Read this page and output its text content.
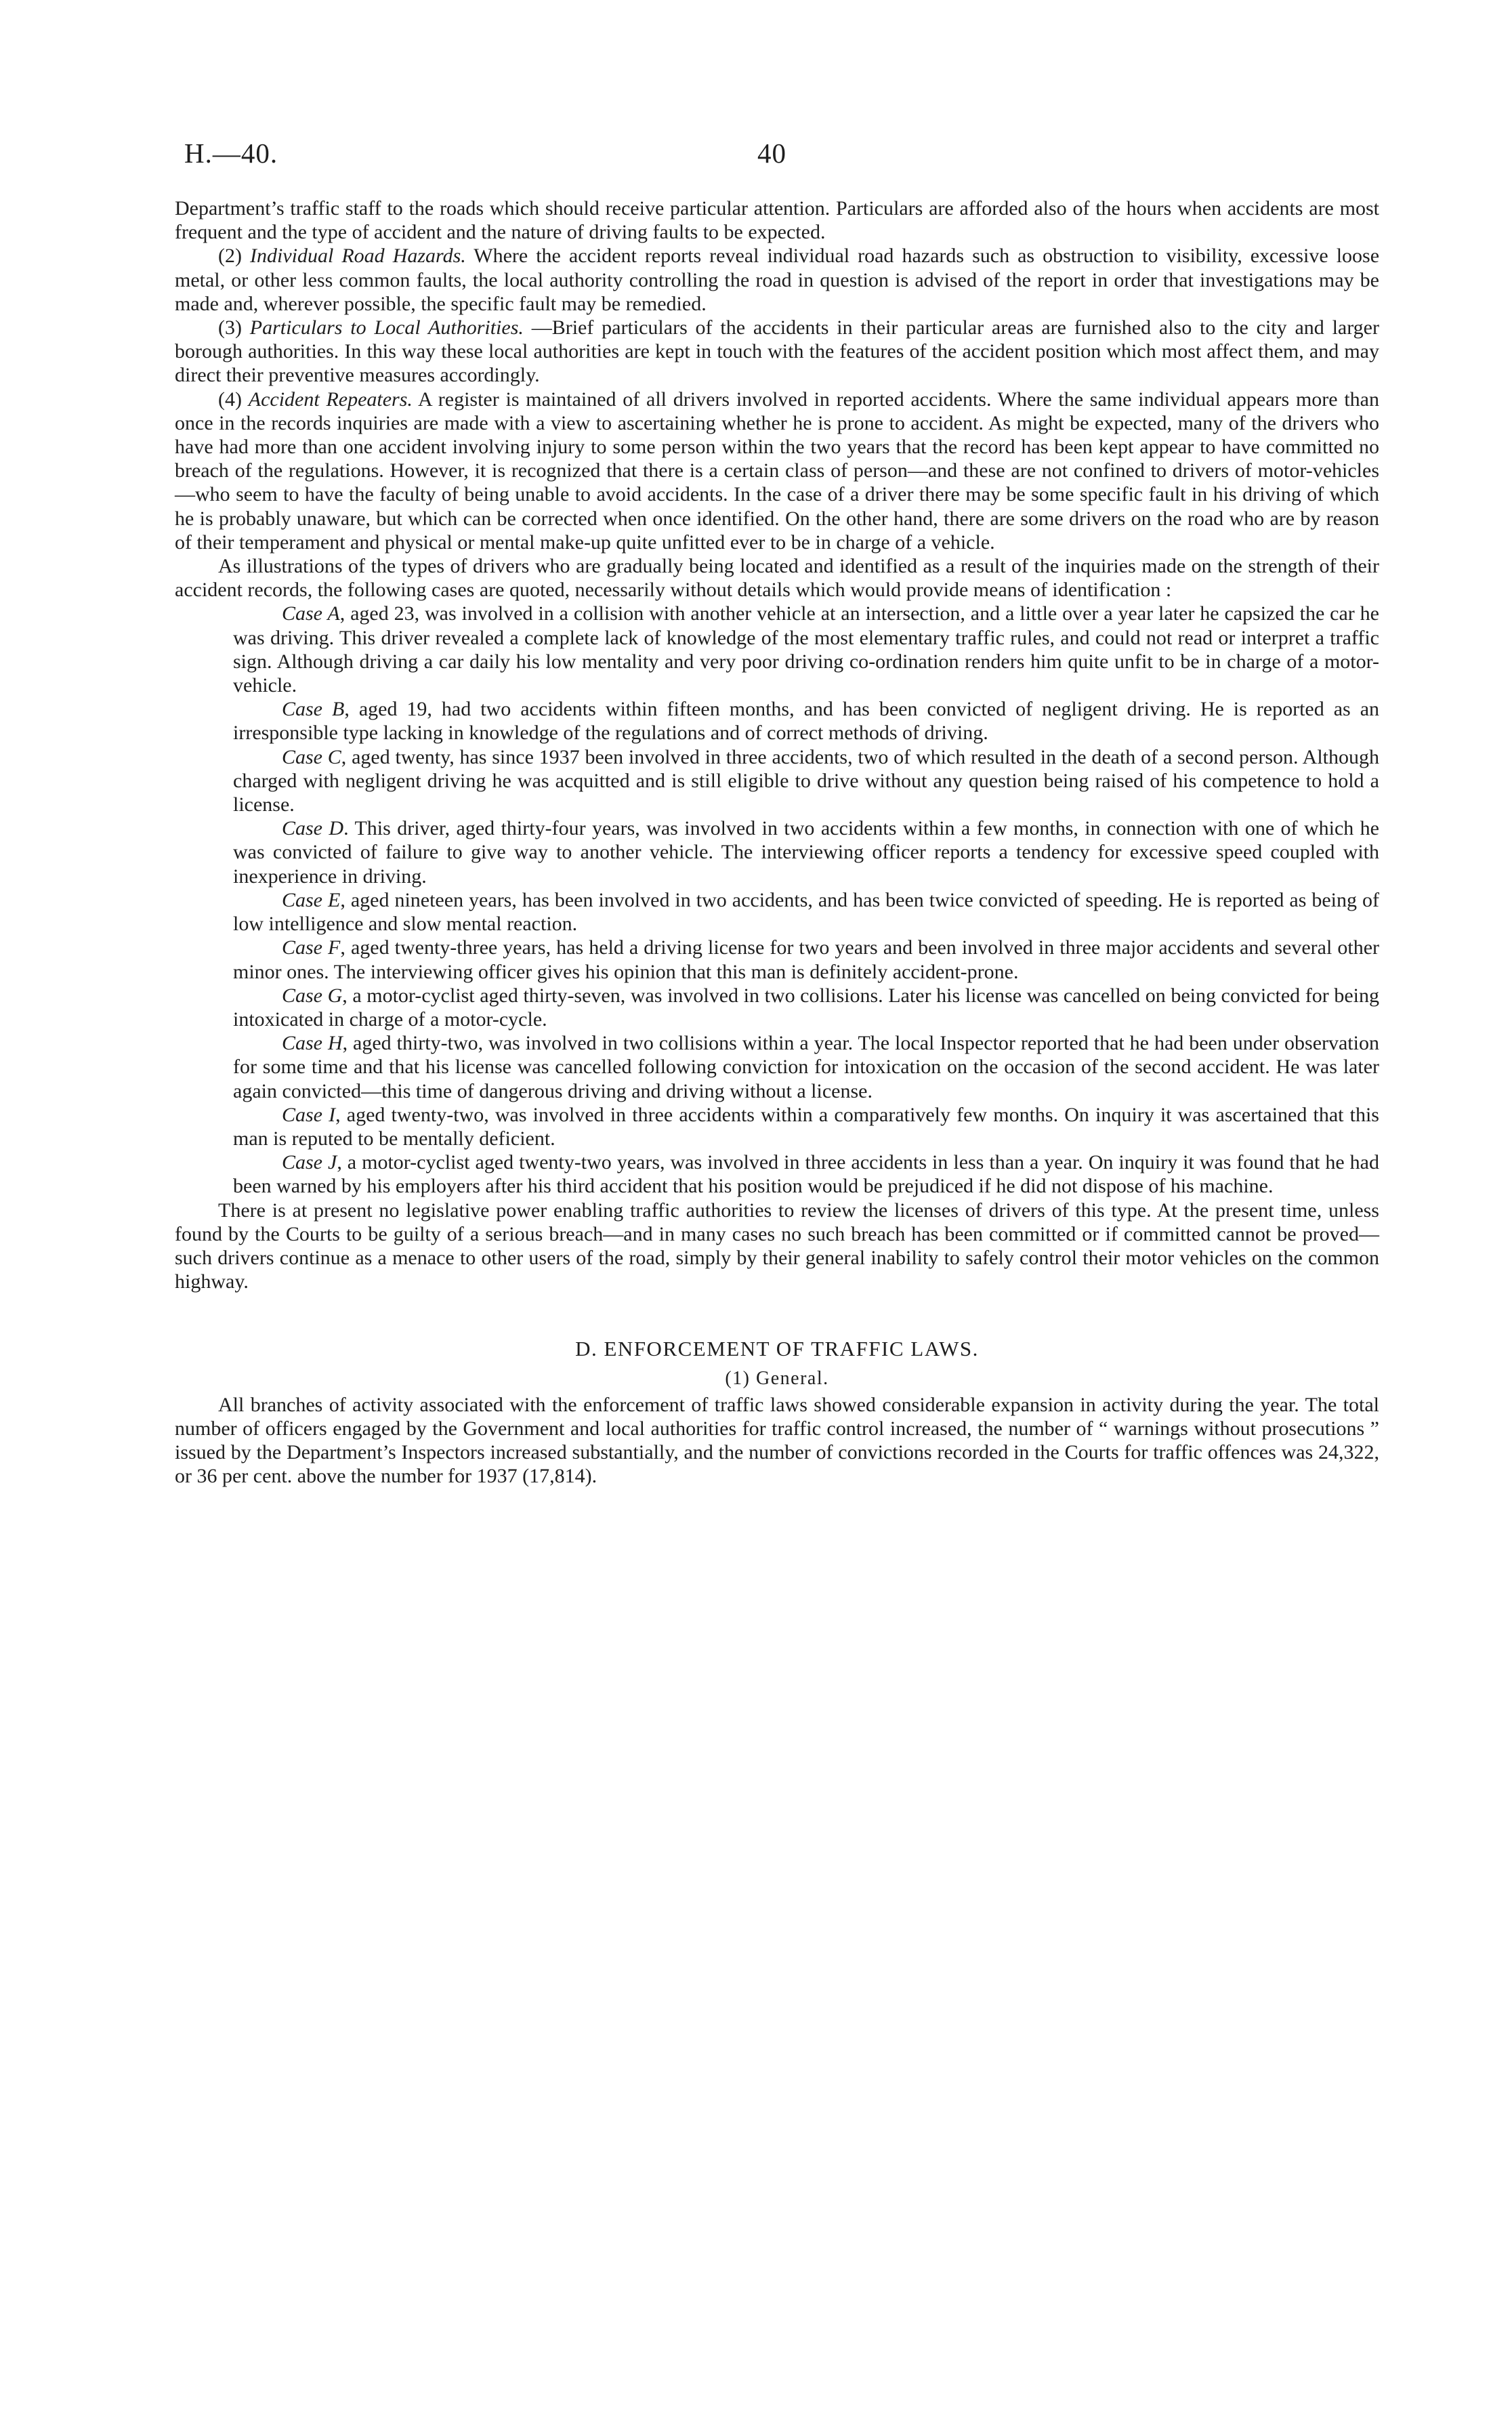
H.—40.	40

Department’s traffic staff to the roads which should receive particular attention. Particulars are afforded also of the hours when accidents are most frequent and the type of accident and the nature of driving faults to be expected.

(2) Individual Road Hazards. Where the accident reports reveal individual road hazards such as obstruction to visibility, excessive loose metal, or other less common faults, the local authority controlling the road in question is advised of the report in order that investigations may be made and, wherever possible, the specific fault may be remedied.

(3) Particulars to Local Authorities. —Brief particulars of the accidents in their particular areas are furnished also to the city and larger borough authorities. In this way these local authorities are kept in touch with the features of the accident position which most affect them, and may direct their preventive measures accordingly.

(4) Accident Repeaters. A register is maintained of all drivers involved in reported accidents. Where the same individual appears more than once in the records inquiries are made with a view to ascertaining whether he is prone to accident. As might be expected, many of the drivers who have had more than one accident involving injury to some person within the two years that the record has been kept appear to have committed no breach of the regulations. However, it is recognized that there is a certain class of person—and these are not confined to drivers of motor-vehicles—who seem to have the faculty of being unable to avoid accidents. In the case of a driver there may be some specific fault in his driving of which he is probably unaware, but which can be corrected when once identified. On the other hand, there are some drivers on the road who are by reason of their temperament and physical or mental make-up quite unfitted ever to be in charge of a vehicle.

As illustrations of the types of drivers who are gradually being located and identified as a result of the inquiries made on the strength of their accident records, the following cases are quoted, necessarily without details which would provide means of identification :

Case A, aged 23, was involved in a collision with another vehicle at an intersection, and a little over a year later he capsized the car he was driving. This driver revealed a complete lack of knowledge of the most elementary traffic rules, and could not read or interpret a traffic sign. Although driving a car daily his low mentality and very poor driving co-ordination renders him quite unfit to be in charge of a motor-vehicle.

Case B, aged 19, had two accidents within fifteen months, and has been convicted of negligent driving. He is reported as an irresponsible type lacking in knowledge of the regulations and of correct methods of driving.

Case C, aged twenty, has since 1937 been involved in three accidents, two of which resulted in the death of a second person. Although charged with negligent driving he was acquitted and is still eligible to drive without any question being raised of his competence to hold a license.

Case D. This driver, aged thirty-four years, was involved in two accidents within a few months, in connection with one of which he was convicted of failure to give way to another vehicle. The interviewing officer reports a tendency for excessive speed coupled with inexperience in driving.

Case E, aged nineteen years, has been involved in two accidents, and has been twice convicted of speeding. He is reported as being of low intelligence and slow mental reaction.

Case F, aged twenty-three years, has held a driving license for two years and been involved in three major accidents and several other minor ones. The interviewing officer gives his opinion that this man is definitely accident-prone.

Case G, a motor-cyclist aged thirty-seven, was involved in two collisions. Later his license was cancelled on being convicted for being intoxicated in charge of a motor-cycle.

Case H, aged thirty-two, was involved in two collisions within a year. The local Inspector reported that he had been under observation for some time and that his license was cancelled following conviction for intoxication on the occasion of the second accident. He was later again convicted—this time of dangerous driving and driving without a license.

Case I, aged twenty-two, was involved in three accidents within a comparatively few months. On inquiry it was ascertained that this man is reputed to be mentally deficient.

Case J, a motor-cyclist aged twenty-two years, was involved in three accidents in less than a year. On inquiry it was found that he had been warned by his employers after his third accident that his position would be prejudiced if he did not dispose of his machine.

There is at present no legislative power enabling traffic authorities to review the licenses of drivers of this type. At the present time, unless found by the Courts to be guilty of a serious breach—and in many cases no such breach has been committed or if committed cannot be proved—such drivers continue as a menace to other users of the road, simply by their general inability to safely control their motor vehicles on the common highway.

D. ENFORCEMENT OF TRAFFIC LAWS.
(1) General.

All branches of activity associated with the enforcement of traffic laws showed considerable expansion in activity during the year. The total number of officers engaged by the Government and local authorities for traffic control increased, the number of “ warnings without prosecutions ” issued by the Department’s Inspectors increased substantially, and the number of convictions recorded in the Courts for traffic offences was 24,322, or 36 per cent. above the number for 1937 (17,814).
